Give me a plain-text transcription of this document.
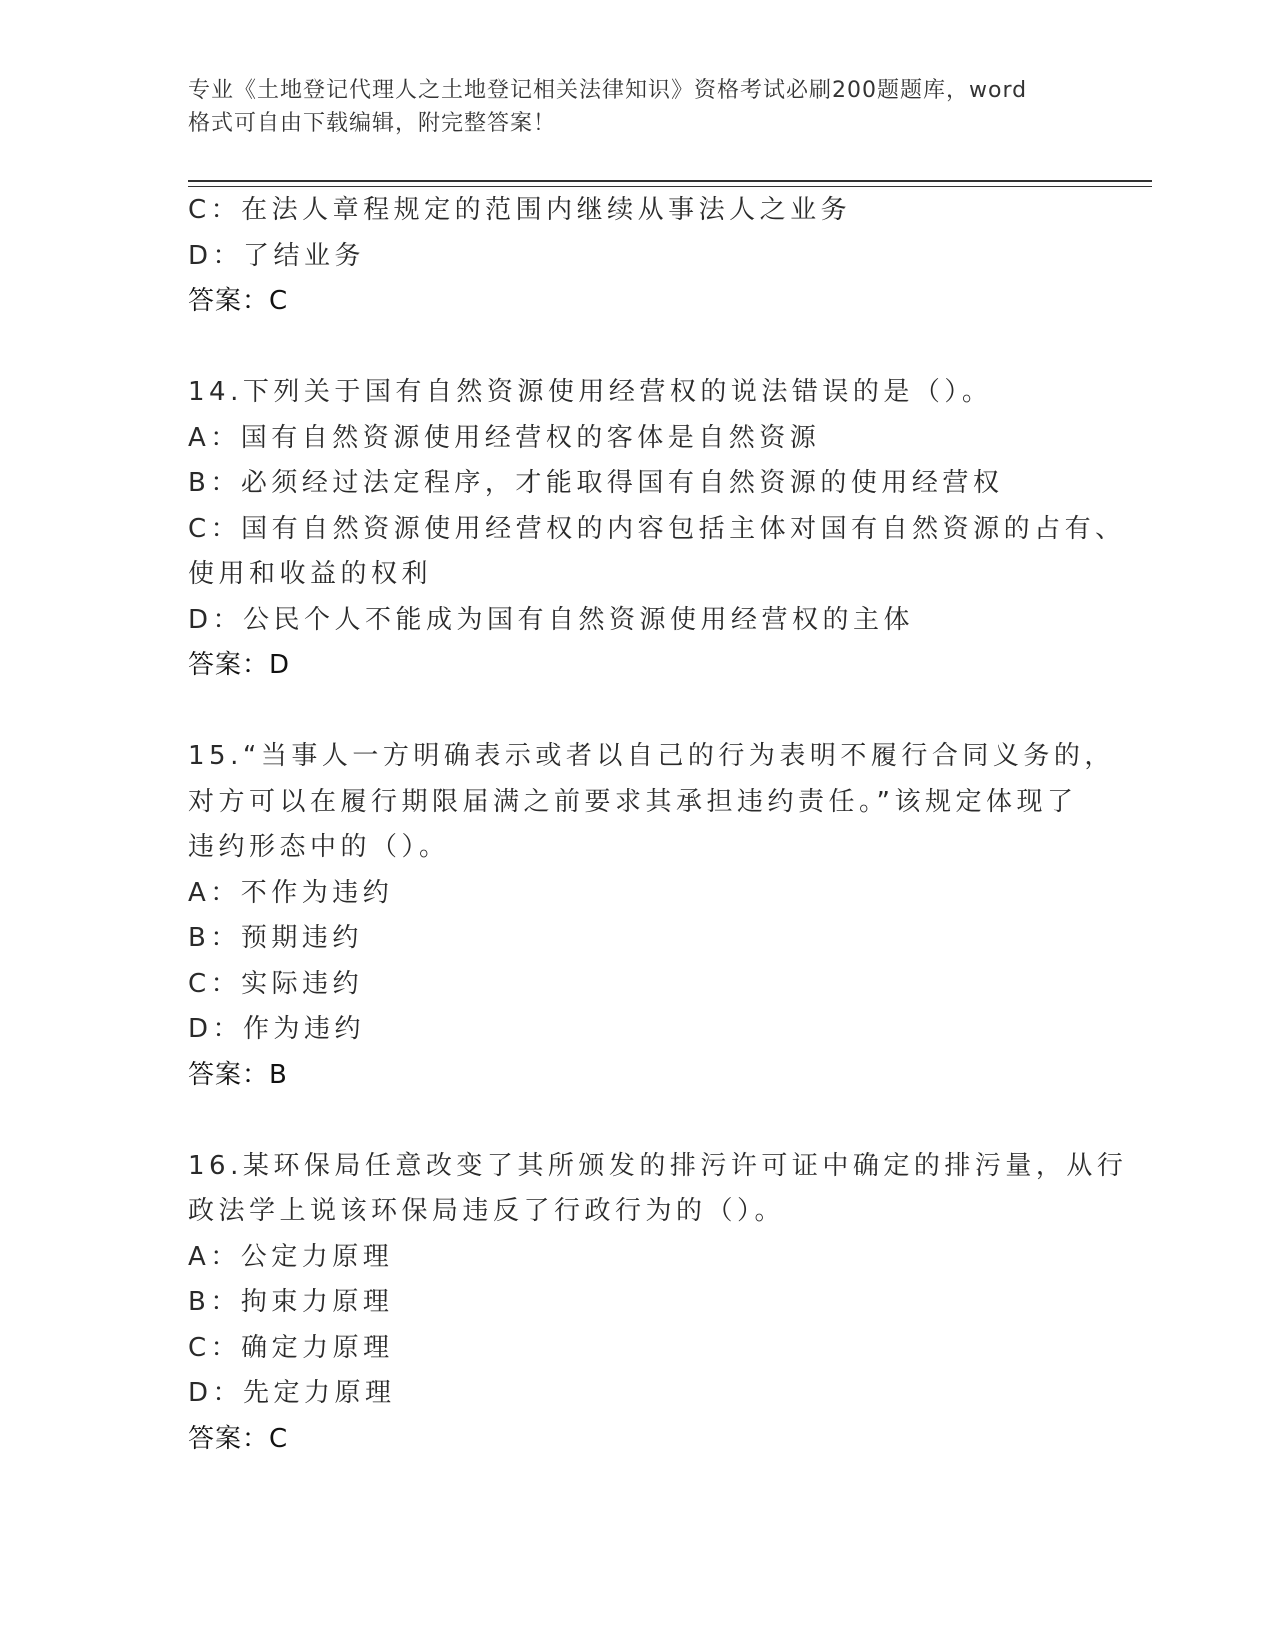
专业《土地登记代理人之土地登记相关法律知识》资格考试必刷200题题库，word
格式可自由下载编辑，附完整答案！
C：在法人章程规定的范围内继续从事法人之业务
D：了结业务
答案：C
14.下列关于国有自然资源使用经营权的说法错误的是（）。
A：国有自然资源使用经营权的客体是自然资源
B：必须经过法定程序，才能取得国有自然资源的使用经营权
C：国有自然资源使用经营权的内容包括主体对国有自然资源的占有、
使用和收益的权利
D：公民个人不能成为国有自然资源使用经营权的主体
答案：D
15.“当事人一方明确表示或者以自己的行为表明不履行合同义务的，
对方可以在履行期限届满之前要求其承担违约责任。”该规定体现了
违约形态中的（）。
A：不作为违约
B：预期违约
C：实际违约
D：作为违约
答案：B
16.某环保局任意改变了其所颁发的排污许可证中确定的排污量，从行
政法学上说该环保局违反了行政行为的（）。
A：公定力原理
B：拘束力原理
C：确定力原理
D：先定力原理
答案：C
